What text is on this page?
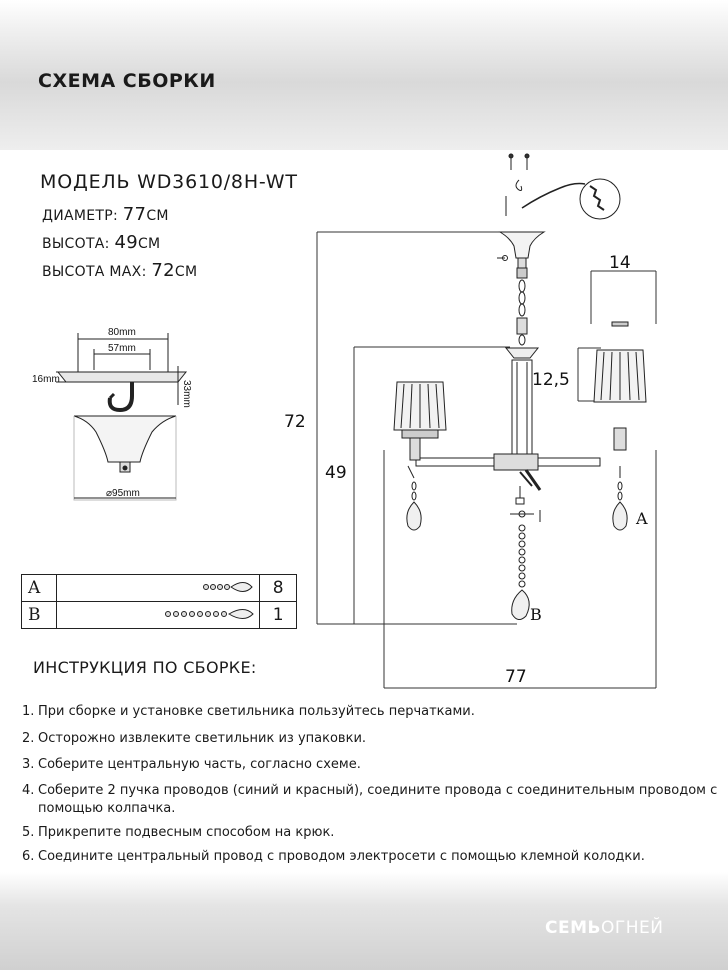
СХЕМА СБОРКИ
МОДЕЛЬ WD3610/8H-WT
ДИАМЕТР: 77СМ
ВЫСОТА: 49СМ
ВЫСОТА MAX: 72СМ
80mm
57mm
16mm
33mm
⌀95mm
72
49
77
14
12,5
A
B
A		8
B		1
ИНСТРУКЦИЯ ПО СБОРКЕ:
1. При сборке и установке светильника пользуйтесь перчатками.
2. Осторожно извлеките светильник из упаковки.
3. Соберите центральную часть, согласно схеме.
4. Соберите 2 пучка проводов (синий и красный), соедините провода с соединительным проводом с помощью колпачка.
5. Прикрепите подвесным способом на крюк.
6. Соедините центральный провод с проводом электросети с помощью клемной колодки.
СЕМЬОГНЕЙ
